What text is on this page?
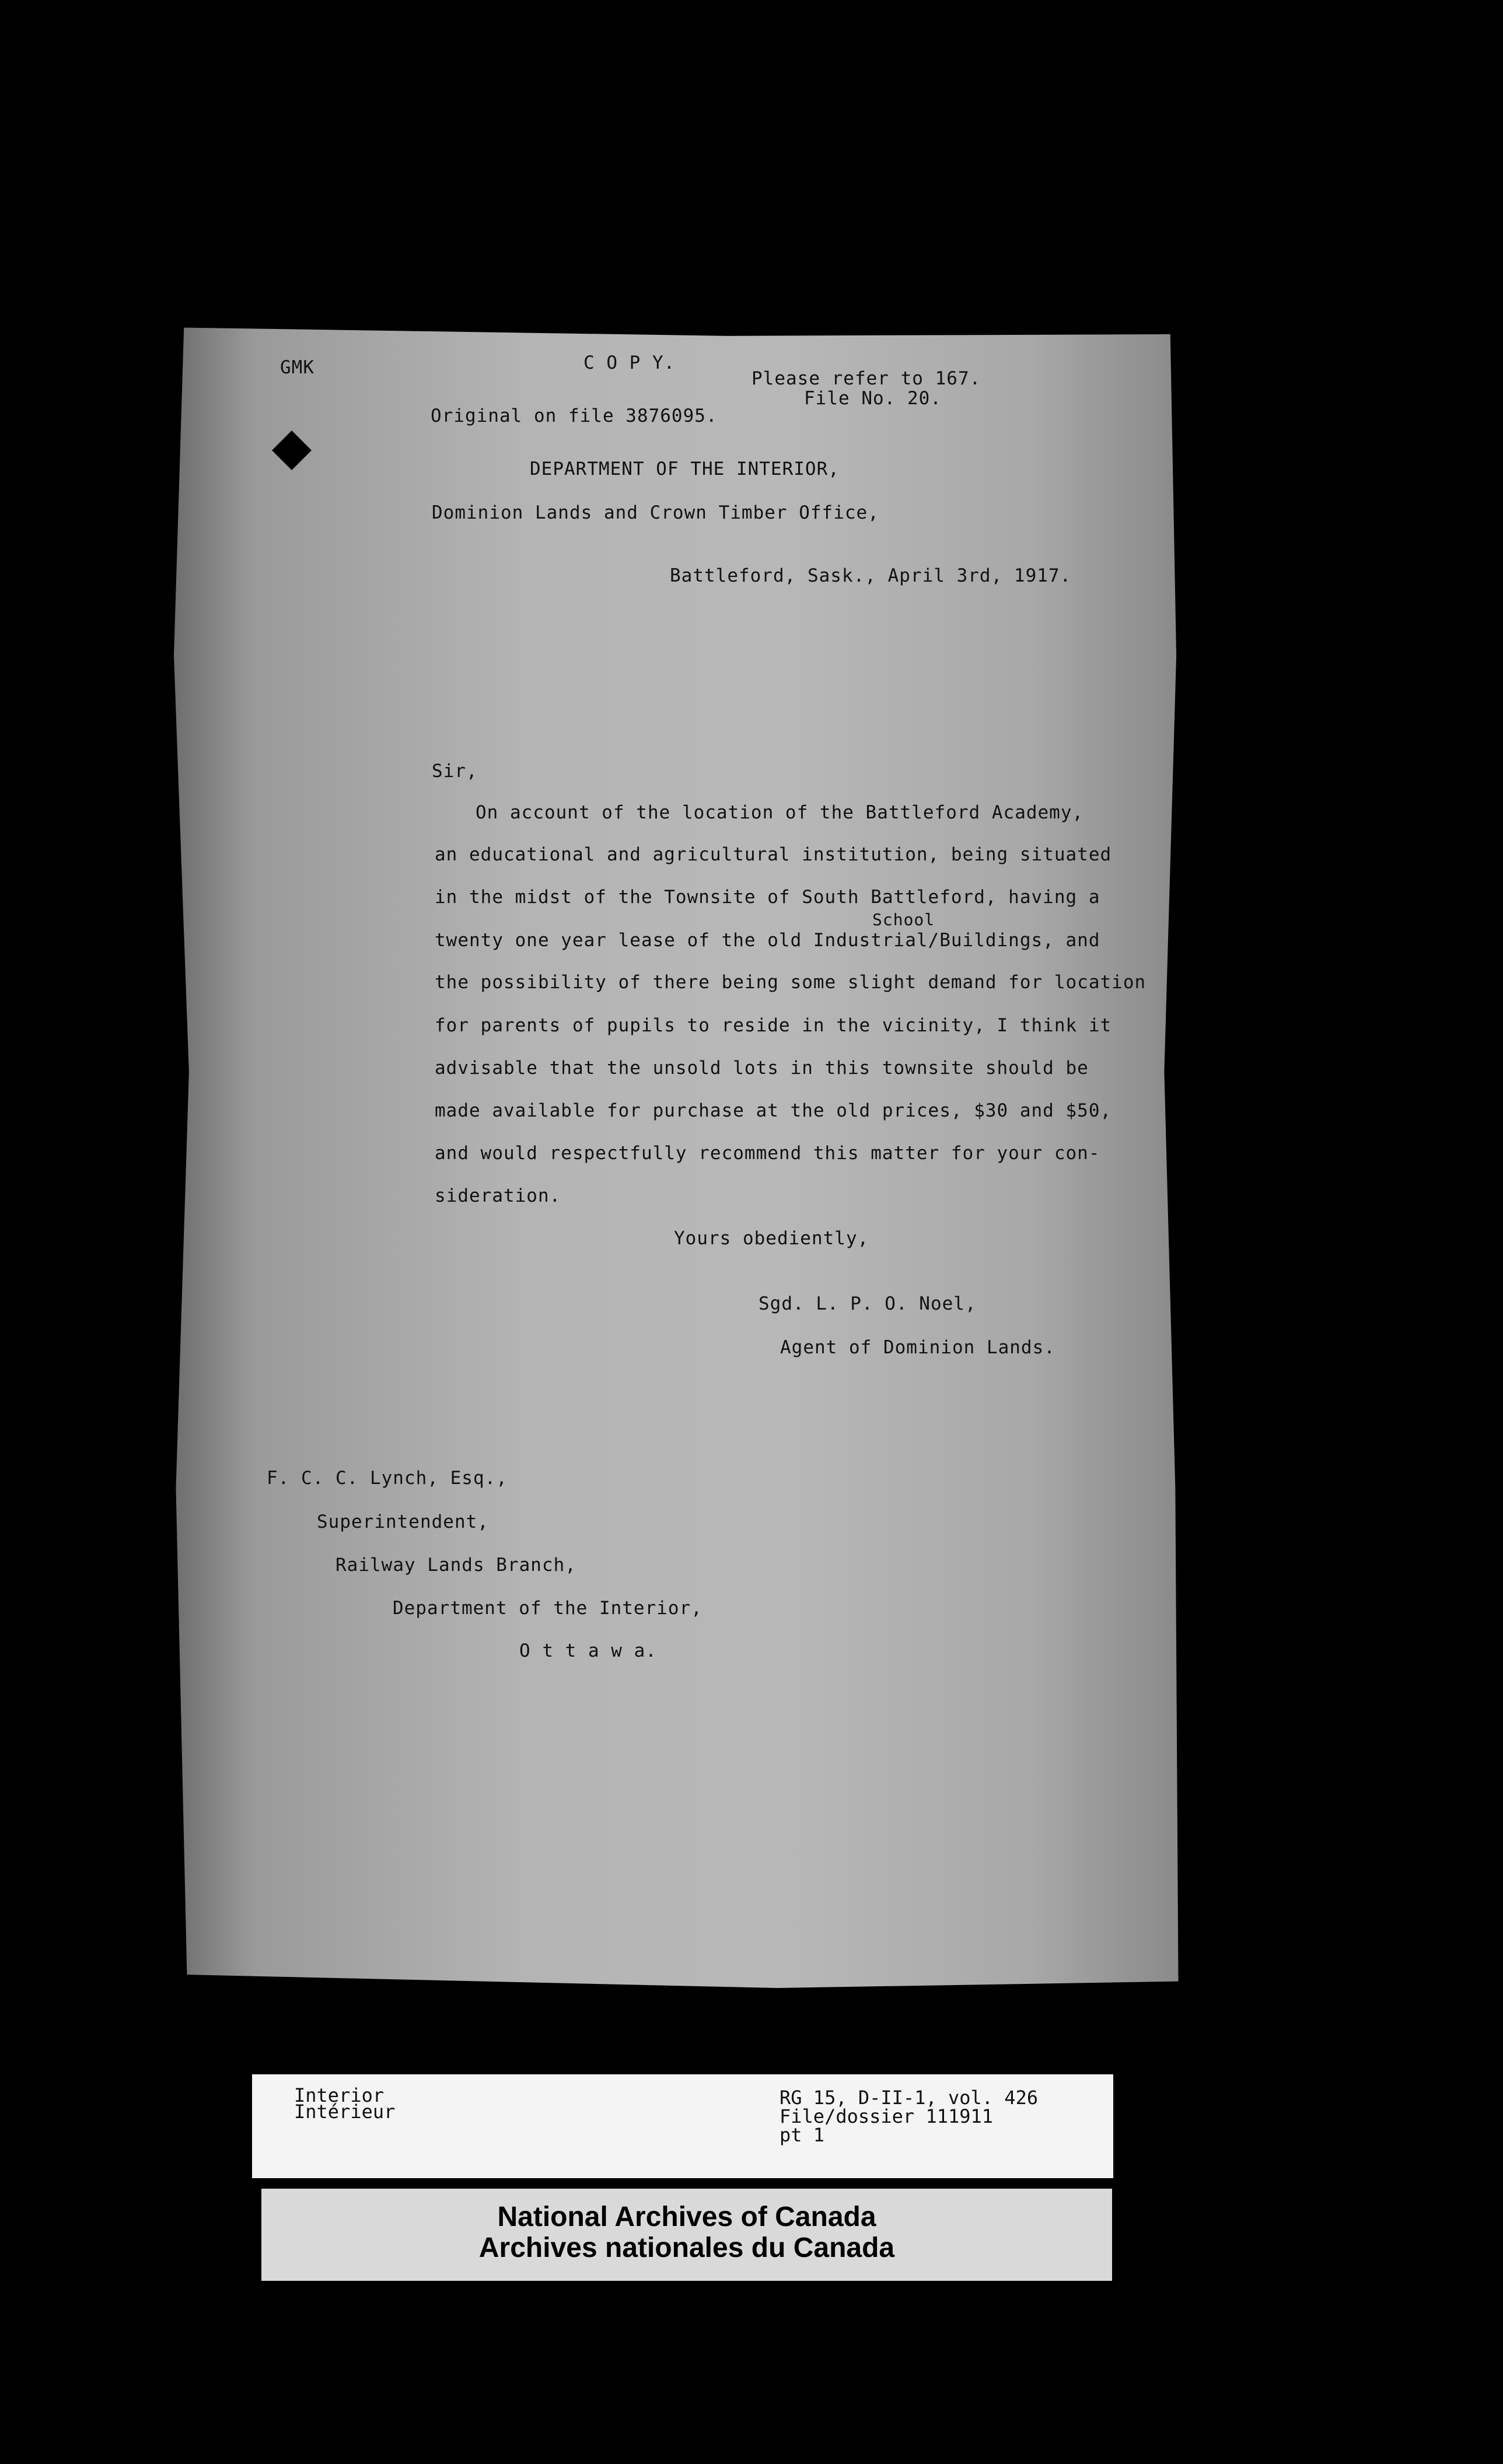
GMK	C O P Y.
Please refer to 167.
File No. 20.
Original on file 3876095.
DEPARTMENT OF THE INTERIOR,
Dominion Lands and Crown Timber Office,
Battleford, Sask., April 3rd, 1917.
Sir,
On account of the location of the Battleford Academy,
an educational and agricultural institution, being situated
in the midst of the Townsite of South Battleford, having a
School
twenty one year lease of the old Industrial/Buildings, and
the possibility of there being some slight demand for location
for parents of pupils to reside in the vicinity, I think it
advisable that the unsold lots in this townsite should be
made available for purchase at the old prices, $30 and $50,
and would respectfully recommend this matter for your con-
sideration.
Yours obediently,
Sgd. L. P. O. Noel,
Agent of Dominion Lands.
F. C. C. Lynch, Esq.,
Superintendent,
Railway Lands Branch,
Department of the Interior,
O t t a w a.
Interior
Intérieur
RG 15, D-II-1, vol. 426
File/dossier 111911
pt 1
National Archives of Canada
Archives nationales du Canada
